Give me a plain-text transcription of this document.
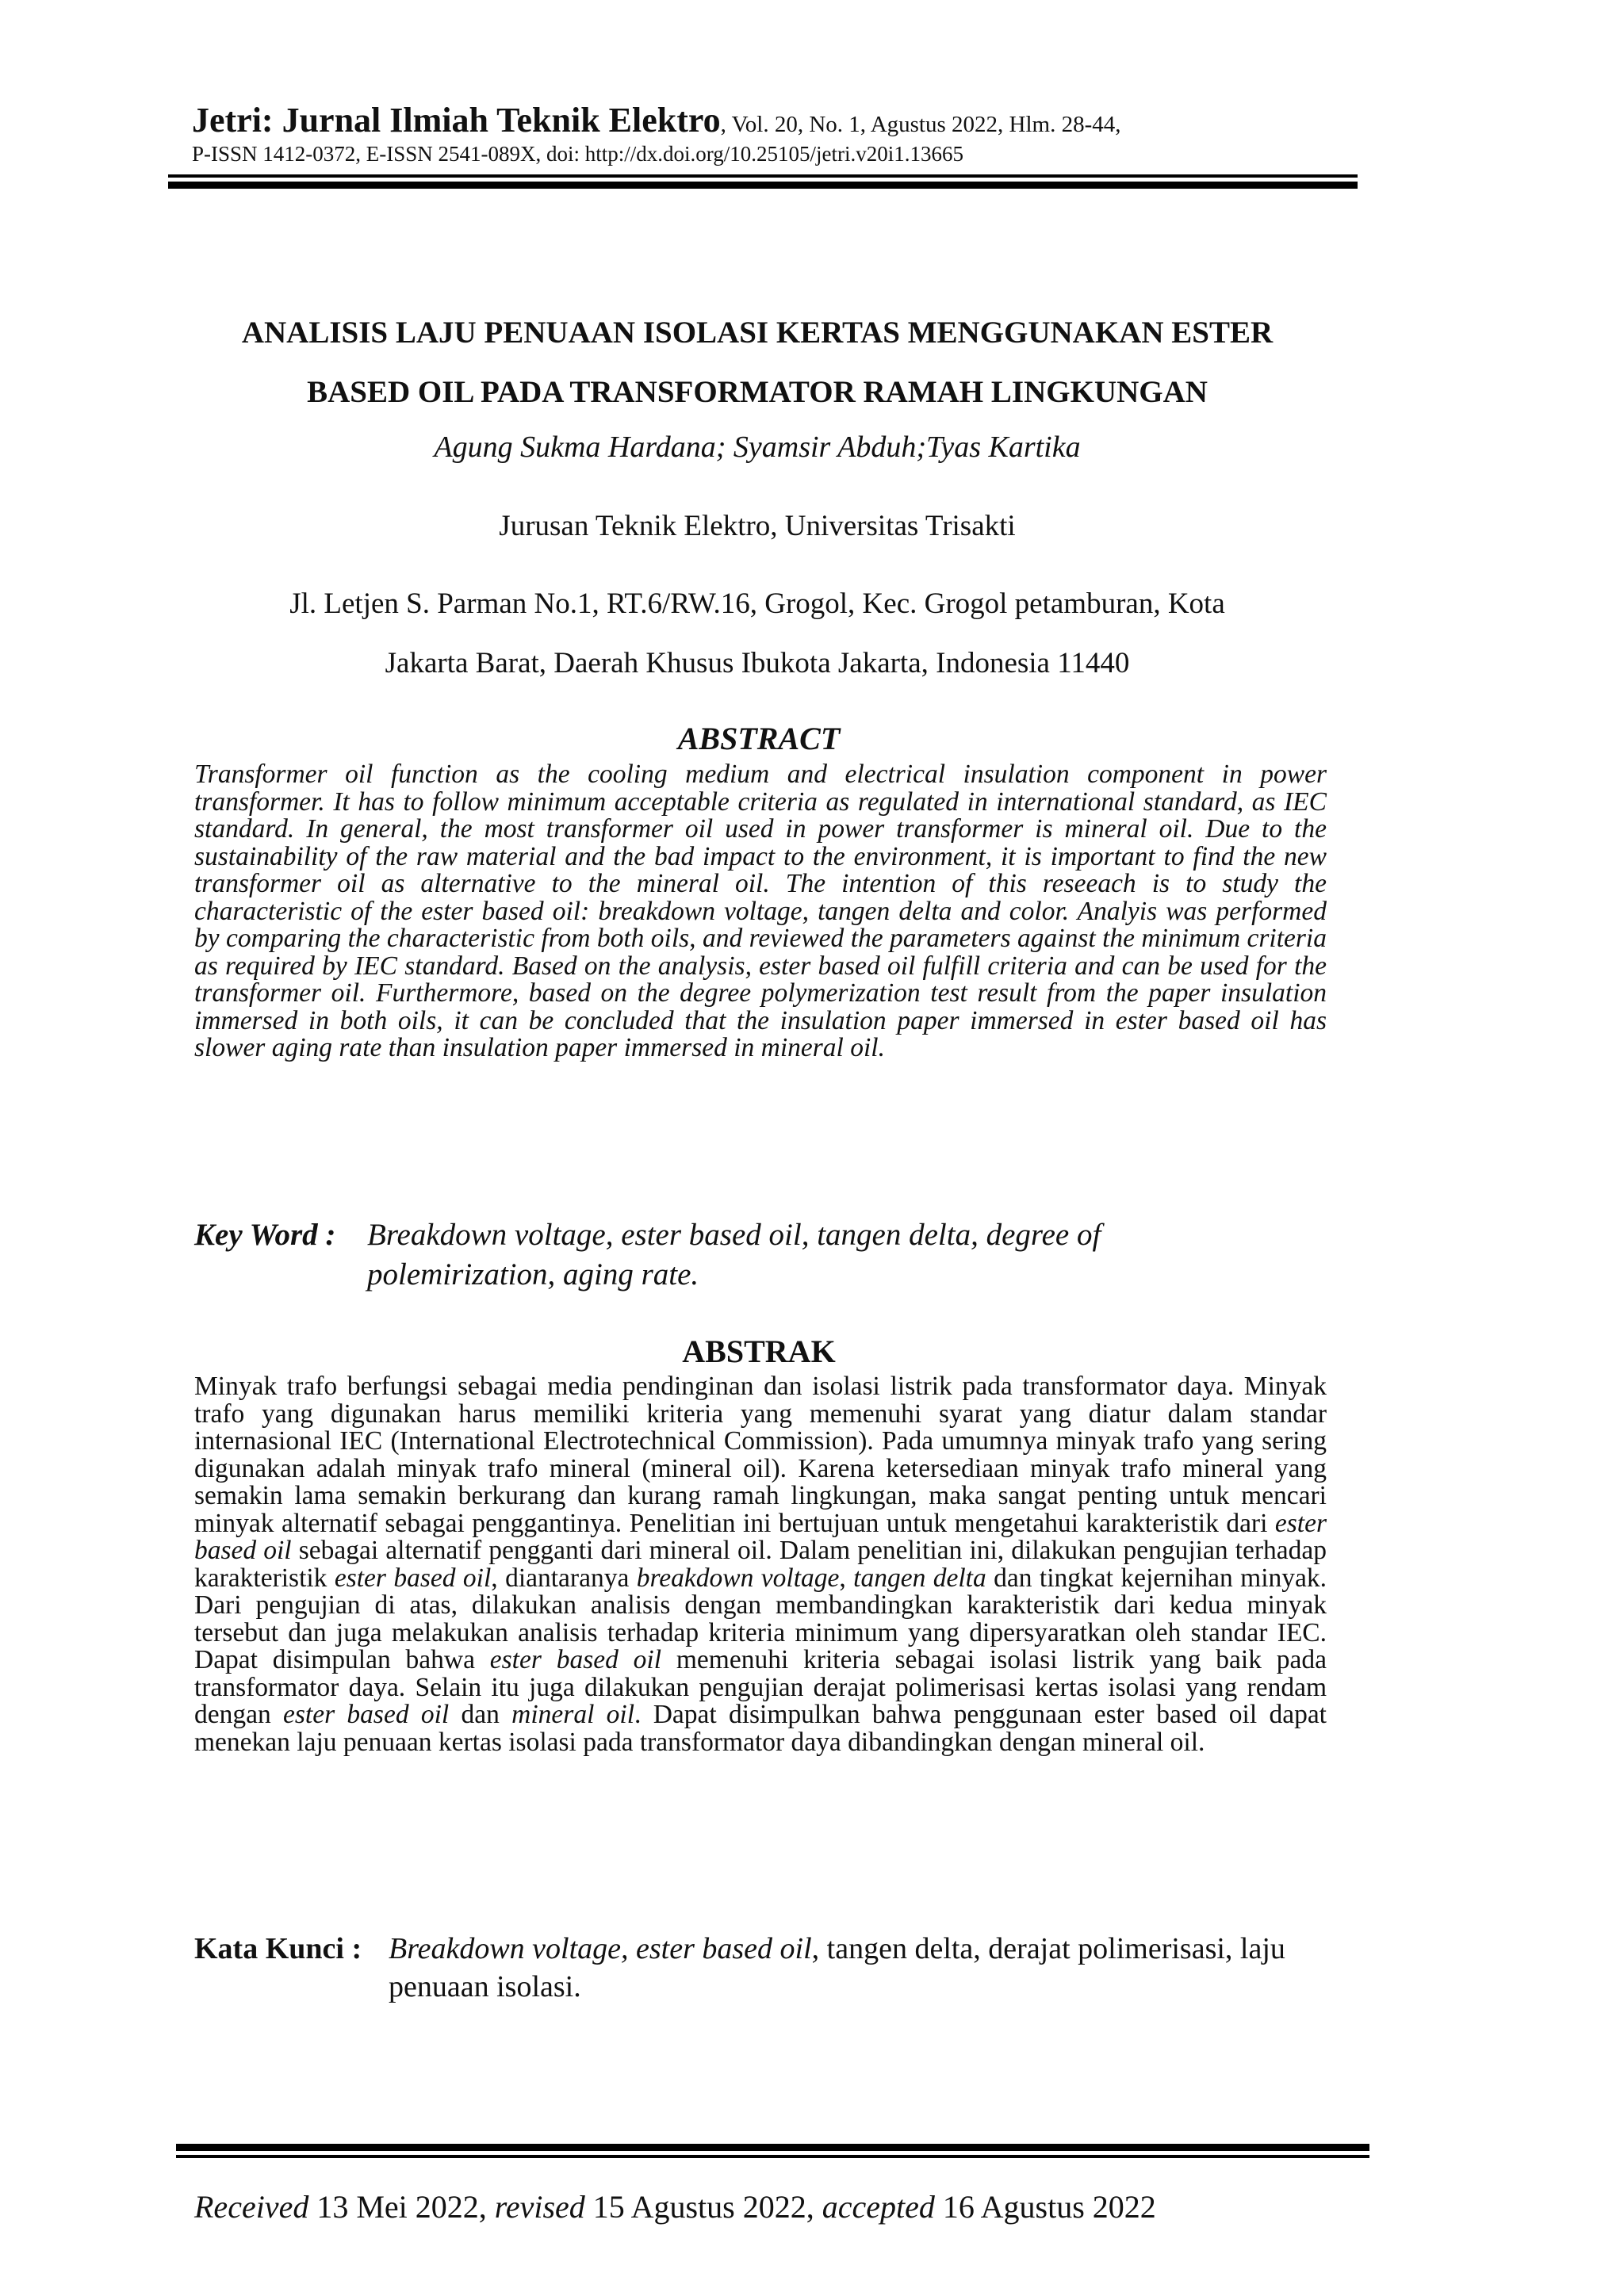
Jetri: Jurnal Ilmiah Teknik Elektro, Vol. 20, No. 1, Agustus 2022, Hlm. 28-44,
P-ISSN 1412-0372, E-ISSN 2541-089X, doi: http://dx.doi.org/10.25105/jetri.v20i1.13665
ANALISIS LAJU PENUAAN ISOLASI KERTAS MENGGUNAKAN ESTER
BASED OIL PADA TRANSFORMATOR RAMAH LINGKUNGAN
Agung Sukma Hardana; Syamsir Abduh;Tyas Kartika
Jurusan Teknik Elektro, Universitas Trisakti
Jl. Letjen S. Parman No.1, RT.6/RW.16, Grogol, Kec. Grogol petamburan, Kota
Jakarta Barat, Daerah Khusus Ibukota Jakarta, Indonesia 11440
ABSTRACT
Transformer oil function as the cooling medium and electrical insulation component in power transformer. It has to follow minimum acceptable criteria as regulated in international standard, as IEC standard. In general, the most transformer oil used in power transformer is mineral oil. Due to the sustainability of the raw material and the bad impact to the environment, it is important to find the new transformer oil as alternative to the mineral oil. The intention of this reseeach is to study the characteristic of the ester based oil: breakdown voltage, tangen delta and color. Analyis was performed by comparing the characteristic from both oils, and reviewed the parameters against the minimum criteria as required by IEC standard. Based on the analysis, ester based oil fulfill criteria and can be used for the transformer oil. Furthermore, based on the degree polymerization test result from the paper insulation immersed in both oils, it can be concluded that the insulation paper immersed in ester based oil has slower aging rate than insulation paper immersed in mineral oil.
Key Word : Breakdown voltage, ester based oil, tangen delta, degree of polemirization, aging rate.
ABSTRAK
Minyak trafo berfungsi sebagai media pendinginan dan isolasi listrik pada transformator daya. Minyak trafo yang digunakan harus memiliki kriteria yang memenuhi syarat yang diatur dalam standar internasional IEC (International Electrotechnical Commission). Pada umumnya minyak trafo yang sering digunakan adalah minyak trafo mineral (mineral oil). Karena ketersediaan minyak trafo mineral yang semakin lama semakin berkurang dan kurang ramah lingkungan, maka sangat penting untuk mencari minyak alternatif sebagai penggantinya. Penelitian ini bertujuan untuk mengetahui karakteristik dari ester based oil sebagai alternatif pengganti dari mineral oil. Dalam penelitian ini, dilakukan pengujian terhadap karakteristik ester based oil, diantaranya breakdown voltage, tangen delta dan tingkat kejernihan minyak. Dari pengujian di atas, dilakukan analisis dengan membandingkan karakteristik dari kedua minyak tersebut dan juga melakukan analisis terhadap kriteria minimum yang dipersyaratkan oleh standar IEC. Dapat disimpulan bahwa ester based oil memenuhi kriteria sebagai isolasi listrik yang baik pada transformator daya. Selain itu juga dilakukan pengujian derajat polimerisasi kertas isolasi yang rendam dengan ester based oil dan mineral oil. Dapat disimpulkan bahwa penggunaan ester based oil dapat menekan laju penuaan kertas isolasi pada transformator daya dibandingkan dengan mineral oil.
Kata Kunci :Breakdown voltage, ester based oil, tangen delta, derajat polimerisasi, laju penuaan isolasi.
Received 13 Mei 2022, revised 15 Agustus 2022, accepted 16 Agustus 2022
